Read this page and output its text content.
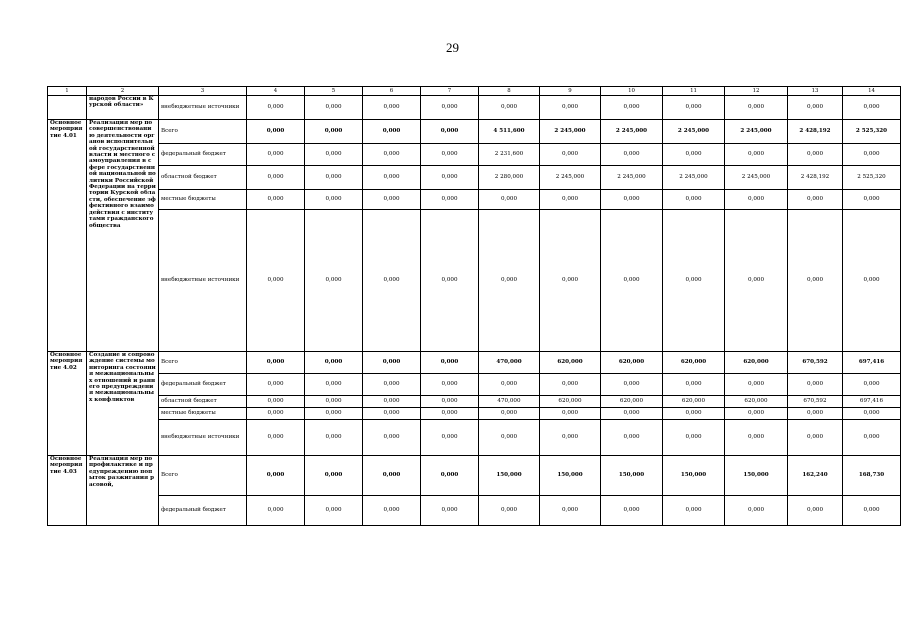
29
1	2	3	4	5	6	7	8	9	10	11	12	13	14
	народов России в Курской области»	внебюджетные источники	0,000	0,000	0,000	0,000	0,000	0,000	0,000	0,000	0,000	0,000	0,000
Основное мероприятие 4.01	Реализация мер по совершенствованию деятельности органов исполнительной государственной власти и местного самоуправления в сфере государственной национальной политики Российской Федерации на территории Курской области, обеспечение эффективного взаимодействия с институтами гражданского общества	Всего	0,000	0,000	0,000	0,000	4 511,600	2 245,000	2 245,000	2 245,000	2 245,000	2 428,192	2 525,320
		федеральный бюджет	0,000	0,000	0,000	0,000	2 231,600	0,000	0,000	0,000	0,000	0,000	0,000
		областной бюджет	0,000	0,000	0,000	0,000	2 280,000	2 245,000	2 245,000	2 245,000	2 245,000	2 428,192	2 525,320
		местные бюджеты	0,000	0,000	0,000	0,000	0,000	0,000	0,000	0,000	0,000	0,000	0,000
		внебюджетные источники	0,000	0,000	0,000	0,000	0,000	0,000	0,000	0,000	0,000	0,000	0,000
Основное мероприятие 4.02	Создание и сопровождение системы мониторинга состояния межнациональных отношений и раннего предупреждения межнациональных конфликтов	Всего	0,000	0,000	0,000	0,000	470,000	620,000	620,000	620,000	620,000	670,592	697,416
		федеральный бюджет	0,000	0,000	0,000	0,000	0,000	0,000	0,000	0,000	0,000	0,000	0,000
		областной бюджет	0,000	0,000	0,000	0,000	470,000	620,000	620,000	620,000	620,000	670,592	697,416
		местные бюджеты	0,000	0,000	0,000	0,000	0,000	0,000	0,000	0,000	0,000	0,000	0,000
		внебюджетные источники	0,000	0,000	0,000	0,000	0,000	0,000	0,000	0,000	0,000	0,000	0,000
Основное мероприятие 4.03	Реализация мер по профилактике и предупреждению попыток разжигания расовой,	Всего	0,000	0,000	0,000	0,000	150,000	150,000	150,000	150,000	150,000	162,240	168,730
		федеральный бюджет	0,000	0,000	0,000	0,000	0,000	0,000	0,000	0,000	0,000	0,000	0,000
